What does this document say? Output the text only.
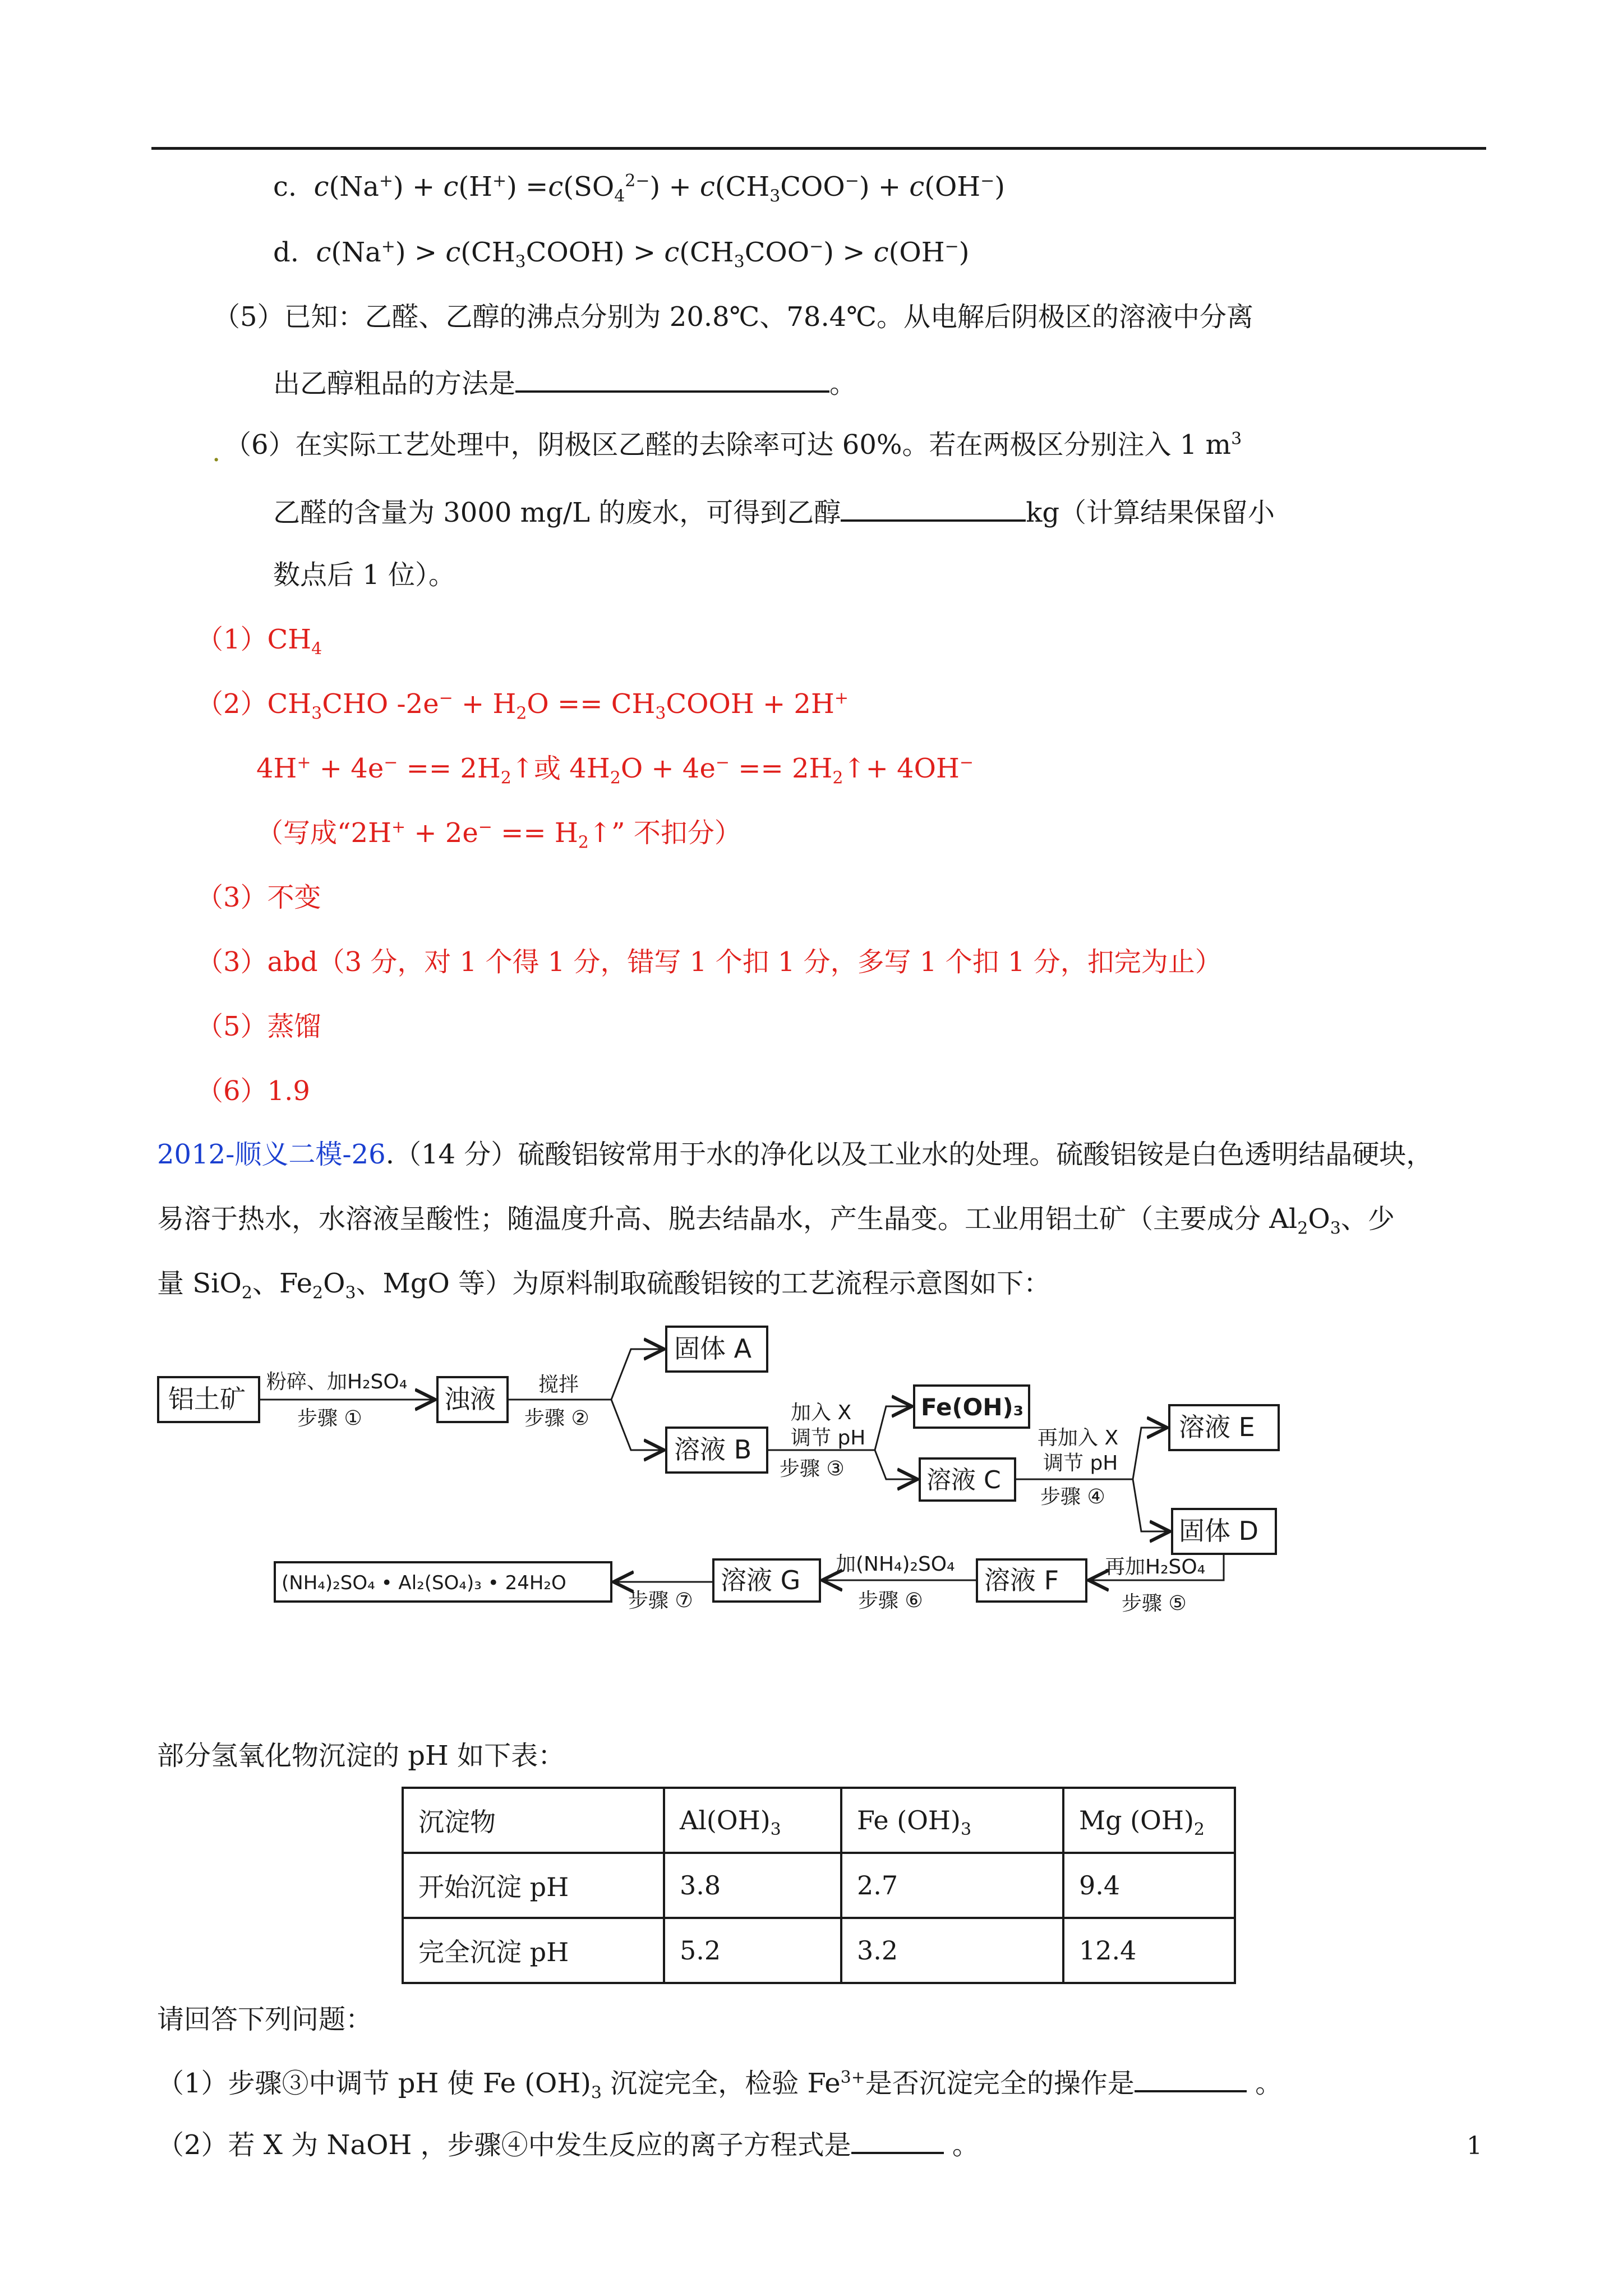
c. $c(Na^+) + c(H^+) =c(SO_4^{2-}) + c(CH_3COO^-) + c(OH^-)$
d. $c(Na^+) > c(CH_3COOH) > c(CH_3COO^-) > c(OH^-)$
（5）已知：乙醛、乙醇的沸点分别为 20.8℃、78.4℃。从电解后阴极区的溶液中分离
出乙醇粗品的方法是	。
. （6）在实际工艺处理中，阴极区乙醛的去除率可达 60%。若在两极区分别注入 1 $m^3$
乙醛的含量为 3000 mg/L 的废水，可得到乙醇	kg（计算结果保留小
数点后 1 位）。
$(1)CH_4$
$(2)CH_3CHO$ $-2e^- + H_2O$ == $CH_3COOH + 2H^+$
$4H^+ + 4e^- == 2H_2↑$或 $4H_2O + 4e^-$ == $2H_2↑+ 4OH^-$
（写成“$2H^+ + 2e^- == H_2↑$” 不扣分）
（3）不变
（3）abd（3 分，对 1 个得 1 分，错写 1 个扣 1 分，多写 1 个扣 1 分，扣完为止）
（5）蒸馏
（6）1.9
2012-顺义二模-26.（14 分）硫酸铝铵常用于水的净化以及工业水的处理。硫酸铝铵是白色透明结晶硬块，
易溶于热水，水溶液呈酸性；随温度升高、脱去结晶水，产生晶变。工业用铝土矿（主要成分 $Al_2O_3$、少
量 SiO$_2$、$Fe_2O_3$、MgO 等）为原料制取硫酸铝铵的工艺流程示意图如下：
铝土矿
粉碎、加H₂SO₄
步骤 ①
浊液 搅拌
步骤 ②
固体 A
溶液 B
加入 X
调节 pH
步骤 ③
Fe(OH)₃
溶液 C
再加入 X
调节 pH
步骤 ④
溶液 E
固体 D
再加H₂SO₄
步骤 ⑤
溶液 F
加(NH₄)₂SO₄
步骤 ⑥
溶液 G
步骤 ⑦
(NH₄)₂SO₄ • Al₂(SO₄)₃ • 24H₂O
部分氢氧化物沉淀的 pH 如下表：
沉淀物	$Al(OH)_3$	Fe $(OH)_3$	Mg $(OH)_2$
开始沉淀 pH	3.8	2.7	9.4
完全沉淀 pH	5.2	3.2	12.4
请回答下列问题：
（1）步骤③中调节 pH 使 Fe $(OH)_3$ 沉淀完全，检验 $Fe^{3+}$是否沉淀完全的操作是	。
（2）若 X 为 NaOH ，步骤④中发生反应的离子方程式是	。	1
